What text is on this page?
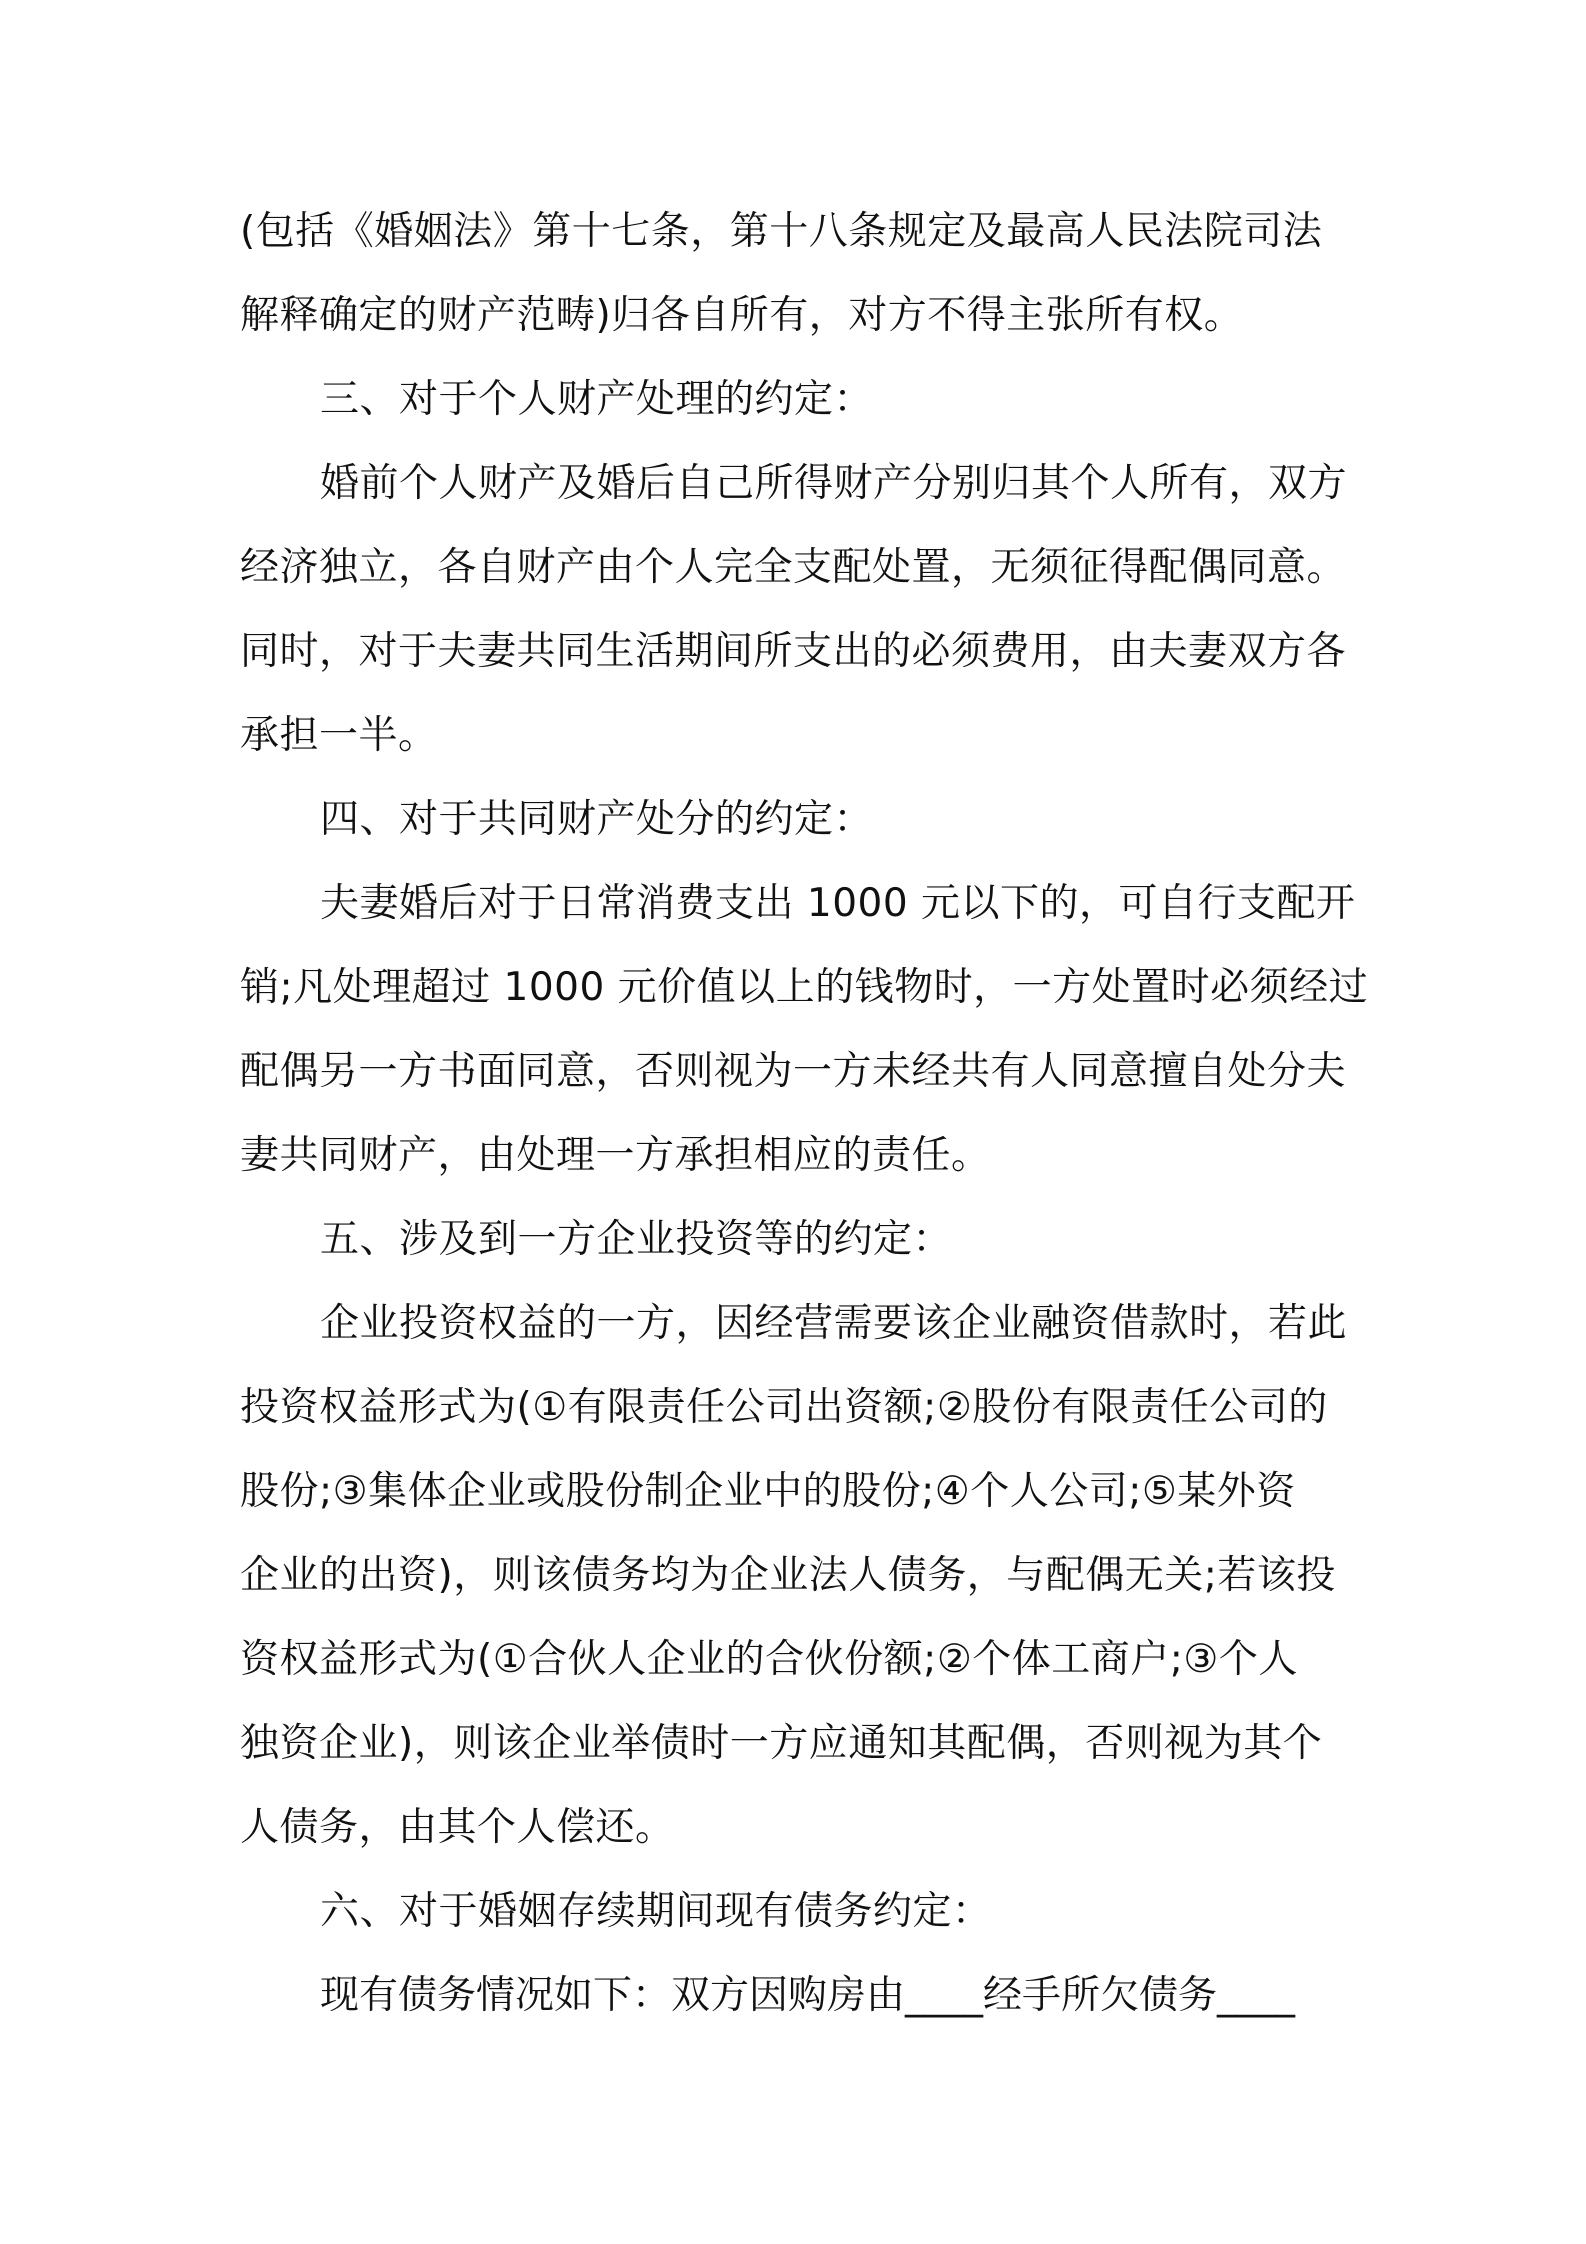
(包括《婚姻法》第十七条，第十八条规定及最高人民法院司法
解释确定的财产范畴)归各自所有，对方不得主张所有权。
三、对于个人财产处理的约定：
婚前个人财产及婚后自己所得财产分别归其个人所有，双方
经济独立，各自财产由个人完全支配处置，无须征得配偶同意。
同时，对于夫妻共同生活期间所支出的必须费用，由夫妻双方各
承担一半。
四、对于共同财产处分的约定：
夫妻婚后对于日常消费支出 1000 元以下的，可自行支配开
销;凡处理超过 1000 元价值以上的钱物时，一方处置时必须经过
配偶另一方书面同意，否则视为一方未经共有人同意擅自处分夫
妻共同财产，由处理一方承担相应的责任。
五、涉及到一方企业投资等的约定：
企业投资权益的一方，因经营需要该企业融资借款时，若此
投资权益形式为(①有限责任公司出资额;②股份有限责任公司的
股份;③集体企业或股份制企业中的股份;④个人公司;⑤某外资
企业的出资)，则该债务均为企业法人债务，与配偶无关;若该投
资权益形式为(①合伙人企业的合伙份额;②个体工商户;③个人
独资企业)，则该企业举债时一方应通知其配偶，否则视为其个
人债务，由其个人偿还。
六、对于婚姻存续期间现有债务约定：
现有债务情况如下：双方因购房由____经手所欠债务____
